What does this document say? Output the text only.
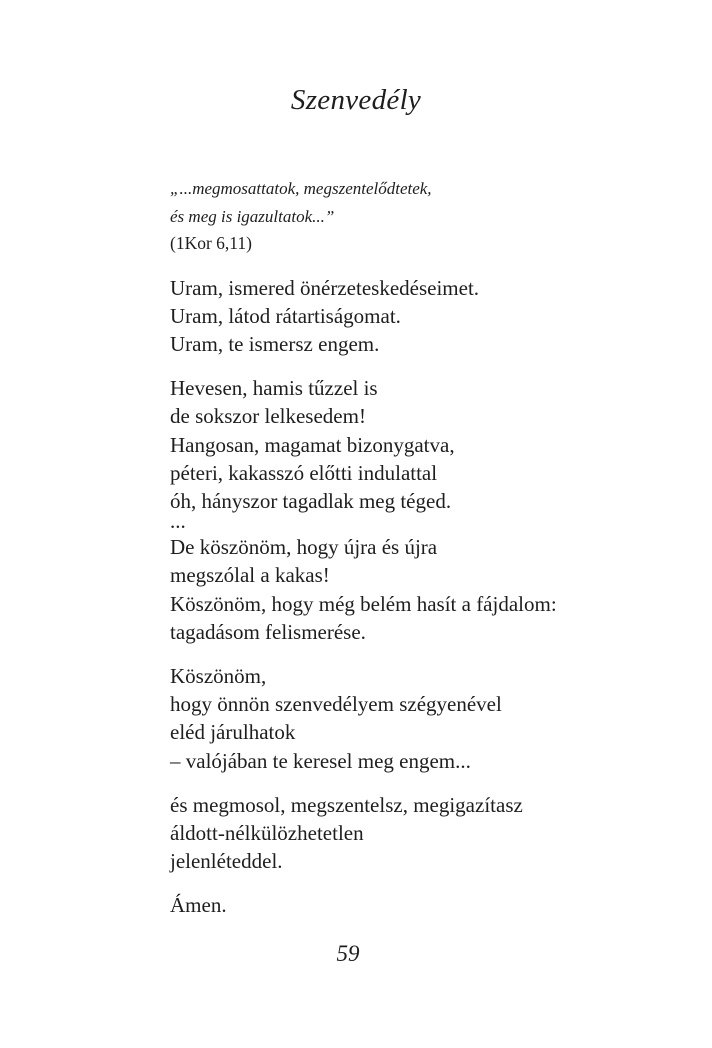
Szenvedély
„...megmosattatok, megszentelődtetek,
és meg is igazultatok...”
(1Kor 6,11)
Uram, ismered önérzeteskedéseimet.
Uram, látod rátartiságomat.
Uram, te ismersz engem.
Hevesen, hamis tűzzel is
de sokszor lelkesedem!
Hangosan, magamat bizonygatva,
péteri, kakasszó előtti indulattal
óh, hányszor tagadlak meg téged.
...
De köszönöm, hogy újra és újra
megszólal a kakas!
Köszönöm, hogy még belém hasít a fájdalom:
tagadásom felismerése.
Köszönöm,
hogy önnön szenvedélyem szégyenével
eléd járulhatok
– valójában te keresel meg engem...
és megmosol, megszentelsz, megigazítasz
áldott-nélkülözhetetlen
jelenléteddel.
Ámen.
59
